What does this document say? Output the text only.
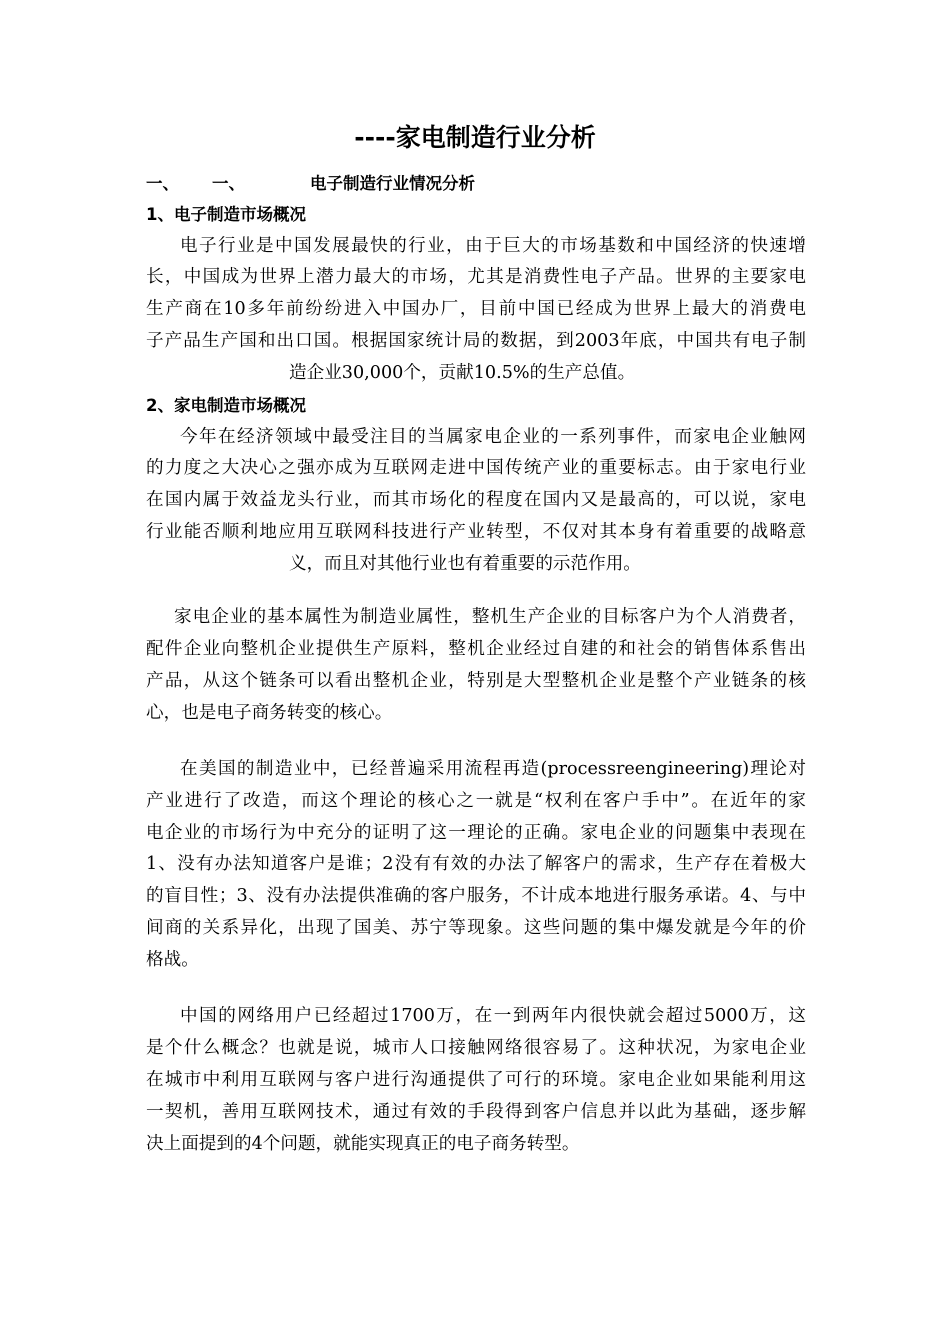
----家电制造行业分析
一、 一、	电子制造行业情况分析
1、电子制造市场概况
电子行业是中国发展最快的行业，由于巨大的市场基数和中国经济的快速增
长，中国成为世界上潜力最大的市场，尤其是消费性电子产品。世界的主要家电
生产商在10多年前纷纷进入中国办厂，目前中国已经成为世界上最大的消费电
子产品生产国和出口国。根据国家统计局的数据，到2003年底，中国共有电子制
造企业30,000个，贡献10.5%的生产总值。
2、家电制造市场概况
今年在经济领域中最受注目的当属家电企业的一系列事件，而家电企业触网
的力度之大决心之强亦成为互联网走进中国传统产业的重要标志。由于家电行业
在国内属于效益龙头行业，而其市场化的程度在国内又是最高的，可以说，家电
行业能否顺利地应用互联网科技进行产业转型，不仅对其本身有着重要的战略意
义，而且对其他行业也有着重要的示范作用。
家电企业的基本属性为制造业属性，整机生产企业的目标客户为个人消费者，
配件企业向整机企业提供生产原料，整机企业经过自建的和社会的销售体系售出
产品，从这个链条可以看出整机企业，特别是大型整机企业是整个产业链条的核
心，也是电子商务转变的核心。
在美国的制造业中，已经普遍采用流程再造(processreengineering)理论对
产业进行了改造，而这个理论的核心之一就是“权利在客户手中”。在近年的家
电企业的市场行为中充分的证明了这一理论的正确。家电企业的问题集中表现在
1、没有办法知道客户是谁；2没有有效的办法了解客户的需求，生产存在着极大
的盲目性；3、没有办法提供准确的客户服务，不计成本地进行服务承诺。4、与中
间商的关系异化，出现了国美、苏宁等现象。这些问题的集中爆发就是今年的价
格战。
中国的网络用户已经超过1700万，在一到两年内很快就会超过5000万，这
是个什么概念？也就是说，城市人口接触网络很容易了。这种状况，为家电企业
在城市中利用互联网与客户进行沟通提供了可行的环境。家电企业如果能利用这
一契机，善用互联网技术，通过有效的手段得到客户信息并以此为基础，逐步解
决上面提到的4个问题，就能实现真正的电子商务转型。
